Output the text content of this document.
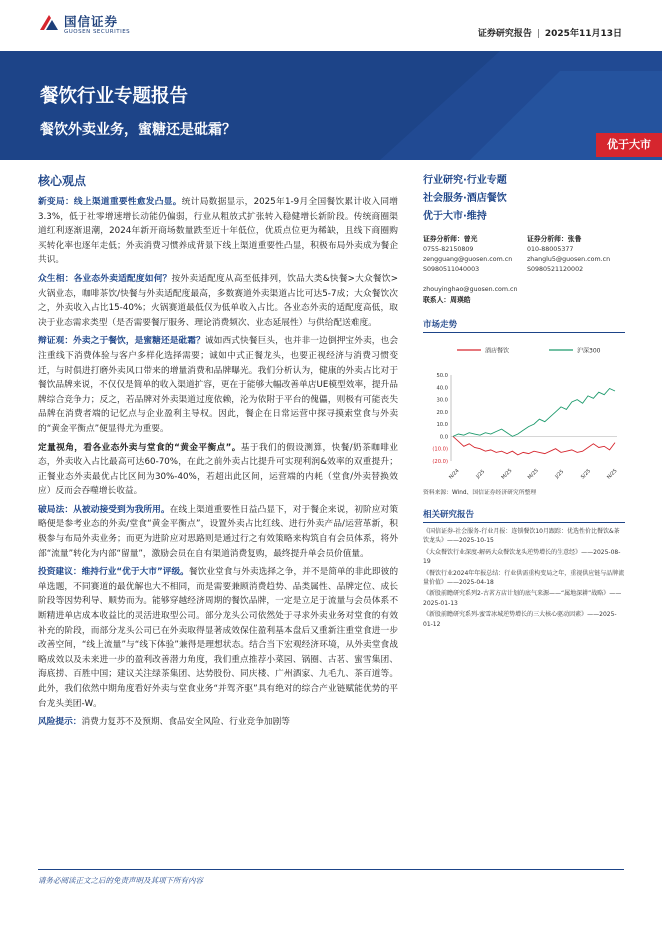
国信证券
GUOSEN SECURITIES	证券研究报告 | 2025年11月13日
餐饮行业专题报告
餐饮外卖业务，蜜糖还是砒霜？
优于大市
核心观点

新变局：线上渠道重要性愈发凸显。统计局数据显示，2025年1-9月全国餐饮累计收入同增3.3%，低于社零增速增长动能仍偏弱，行业从粗放式扩张转入稳健增长新阶段。传统商圈渠道红利逐渐退潮，2024年新开商场数量跌至近十年低位，优质点位更为稀缺，且线下商圈购买转化率也逐年走低；外卖消费习惯养成背景下线上渠道重要性凸显，积极布局外卖成为餐企共识。

众生相：各业态外卖适配度如何？按外卖适配度从高至低排列，饮品大类&快餐>大众餐饮>火锅业态，咖啡茶饮/快餐与外卖适配度最高，多数赛道外卖渠道占比可达5-7成；大众餐饮次之，外卖收入占比15-40%；火锅赛道最低仅为低单收入占比。各业态外卖的适配度高低，取决于业态需求类型（是否需要餐厅服务、理论消费频次、业态延展性）与供给配送难度。

辩证观：外卖之于餐饮，是蜜糖还是砒霜？诚如西式快餐巨头，也并非一边倒押宝外卖，也会注重线下消费体验与客户多样化选择需要；诚如中式正餐龙头，也要正视经济与消费习惯变迁，与时俱进打磨外卖风口带来的增量消费和品牌曝光。我们分析认为，健康的外卖占比对于餐饮品牌来说，不仅仅是简单的收入渠道扩容，更在于能够大幅改善单店UE模型效率，提升品牌综合竞争力；反之，若品牌对外卖渠道过度依赖，沦为依附于平台的傀儡，则极有可能丧失品牌在消费者端的记忆点与企业盈利主导权。因此，餐企在日常运营中探寻摸索堂食与外卖的“黄金平衡点”便显得尤为重要。

定量视角，看各业态外卖与堂食的“黄金平衡点”。基于我们的假设测算，快餐/奶茶咖啡业态，外卖收入占比最高可达60-70%，在此之前外卖占比提升可实现利润&效率的双重提升；正餐业态外卖最优占比区间为30%-40%，若超出此区间，运营端的内耗（堂食/外卖替换效应）反而会吞噬增长收益。

破局法：从被动接受到为我所用。在线上渠道重要性日益凸显下，对于餐企来说，初阶应对策略便是参考业态的外卖/堂食“黄金平衡点”，设置外卖占比红线、进行外卖产品/运营革新，积极参与布局外卖业务；而更为进阶应对思路则是通过行之有效策略来构筑自有会员体系，将外部“流量”转化为内部“留量”，激励会员在自有渠道消费复购，最终提升单会员价值量。

投资建议：维持行业“优于大市”评级。餐饮业堂食与外卖选择之争，并不是简单的非此即彼的单选题，不同赛道的最优解也大不相同，而是需要兼顾消费趋势、品类属性、品牌定位、成长阶段等因势利导、顺势而为。能够穿越经济周期的餐饮品牌，一定是立足于流量与会员体系不断精进单店成本收益比的灵活进取型公司。部分龙头公司依然处于寻求外卖业务对堂食的有效补充的阶段，而部分龙头公司已在外卖取得显著成效保住盈利基本盘后又重新注重堂食进一步改善空间，“线上流量”与“线下体验”兼得是理想状态。结合当下宏观经济环境，从外卖堂食战略成效以及未来进一步的盈利改善潜力角度，我们重点推荐小菜园、锅圈、古茗、蜜雪集团、海底捞、百胜中国；建议关注绿茶集团、达势股份、同庆楼、广州酒家、九毛九、茶百道等。此外，我们依然中期角度看好外卖与堂食业务“并驾齐驱”具有绝对的综合产业链赋能优势的平台龙头美团-W。

风险提示：消费力复苏不及预期、食品安全风险、行业竞争加剧等

行业研究·行业专题
社会服务·酒店餐饮
优于大市·维持
证券分析师：曾光
0755-82150809
zengguang@guosen.com.cn
S0980511040003
证券分析师：张鲁
010-88005377
zhanglu5@guosen.com.cn
S0980521120002
zhouyinghao@guosen.com.cn
联系人：周瑛皓
市场走势
酒店餐饮	沪深300
50.0
40.0
30.0
20.0
10.0
0.0
(10.0)
(20.0)
N/24	J/25	M/25	M/25	J/25	S/25	N/25
资料来源：Wind、国信证券经济研究所整理
相关研究报告
《国信证券-社会服务-行业月报：连锁餐饮10月跟踪：优选性价比餐饮&茶饮龙头》——2025-10-15
《大众餐饮行业深度-解码大众餐饮龙头逆势增长的生意经》——2025-08-19
《餐饮行业2024年年报总结：行业供需重构变局之年，重视供应链与品牌流量价值》——2025-04-18
《新股前瞻研究系列2-古茗方店计划的底气来源——“属地深耕”战略》——2025-01-13
《新股前瞻研究系列-蜜雪冰城逆势增长的三大核心驱动因素》——2025-01-12
请务必阅读正文之后的免责声明及其项下所有内容
